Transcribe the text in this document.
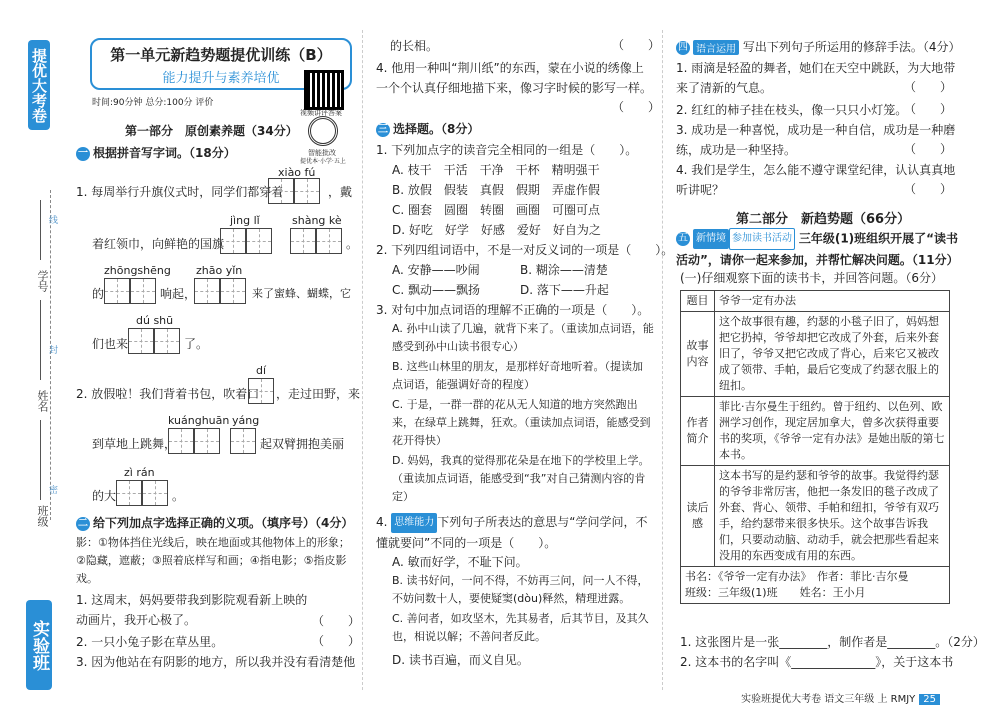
提优大考卷
学号
姓名
班级
线
封
密
实验班
第一单元新趋势题提优训练（B）
能力提升与素养培优
时间:90分钟 总分:100分 评价
视频讲评答案
智能批改
提优本·小学·五上
第一部分　原创素养题（34分）
一 根据拼音写字词。（18分）
xiào fú
1. 每周举行升旗仪式时，同学们都穿着	，戴
jìng lǐ	shàng kè
着红领巾，向鲜艳的国旗	。
zhōngshēng zhāo yǐn
的	响起，	来了蜜蜂、蝴蝶，它
dú shū
们也来	了。
dí
2. 放假啦！我们背着书包，吹着口 ，走过田野，来
kuánghuān yáng
到草地上跳舞，	起双臂拥抱美丽
zì rán
的大	。
二 给下列加点字选择正确的义项。（填序号）（4分）
影：①物体挡住光线后，映在地面或其他物体上的形象；②隐藏，遮蔽；③照着底样写和画；④指电影；⑤指皮影戏。
1. 这周末，妈妈要带我到影院观看新上映的动画片，我开心极了。	（　　）
2. 一只小兔子影在草丛里。	（　　）
3. 因为他站在有阴影的地方，所以我并没有看清楚他
的长相。	（　　）
4. 他用一种叫“荆川纸”的东西，蒙在小说的绣像上一个个认真仔细地描下来，像习字时候的影写一样。
（　　）
三 选择题。（8分）
1. 下列加点字的读音完全相同的一组是（　　）。
A. 枝干　干活　干净　干杯　精明强干
B. 放假　假装　真假　假期　弄虚作假
C. 圈套　圆圈　转圈　画圈　可圈可点
D. 好吃　好学　好感　爱好　好自为之
2. 下列四组词语中，不是一对反义词的一项是（　　）。
A. 安静——吵闹	B. 糊涂——清楚
C. 飘动——飘扬	D. 落下——升起
3. 对句中加点词语的理解不正确的一项是（　　）。
A. 孙中山读了几遍，就背下来了。（重读加点词语，能感受到孙中山读书很专心）
B. 这些山林里的朋友，是那样好奇地听着。（提读加点词语，能强调好奇的程度）
C. 于是，一群一群的花从无人知道的地方突然跑出来，在绿草上跳舞，狂欢。（重读加点词语，能感受到花开得快）
D. 妈妈，我真的觉得那花朵是在地下的学校里上学。（重读加点词语，能感受到“我”对自己猜测内容的肯定）
4. 思维能力 下列句子所表达的意思与“学问学问，不懂就要问”不同的一项是（　　）。
A. 敏而好学，不耻下问。
B. 读书好问，一问不得，不妨再三问，问一人不得，不妨问数十人，要使疑窦(dòu)释然，精理迸露。
C. 善问者，如攻坚木，先其易者，后其节目，及其久也，相说以解；不善问者反此。
D. 读书百遍，而义自见。
四 语言运用 写出下列句子所运用的修辞手法。（4分）
1. 雨滴是轻盈的舞者，她们在天空中跳跃，为大地带来了清新的气息。	（　　）
2. 红红的柿子挂在枝头，像一只只小灯笼。
（　　）
3. 成功是一种喜悦，成功是一种自信，成功是一种磨练，成功是一种坚持。	（　　）
4. 我们是学生，怎么能不遵守课堂纪律，认认真真地听讲呢？	（　　）
第二部分　新趋势题（66分）
五 新情境 参加读书活动 三年级(1)班组织开展了“读书活动”，请你一起来参加，并帮忙解决问题。（11分）
(一)仔细观察下面的读书卡，并回答问题。（6分）
题目	爷爷一定有办法
故事内容	这个故事很有趣，约瑟的小毯子旧了，妈妈想把它扔掉，爷爷却把它改成了外套，后来外套旧了，爷爷又把它改成了背心，后来它又被改成了领带、手帕，最后它变成了约瑟衣服上的纽扣。
作者简介	菲比·吉尔曼生于纽约。曾于纽约、以色列、欧洲学习创作，现定居加拿大，曾多次获得重要书的奖项，《爷爷一定有办法》是她出版的第七本书。
读后感	这本书写的是约瑟和爷爷的故事。我觉得约瑟的爷爷非常厉害，他把一条发旧的毯子改成了外套、背心、领带、手帕和纽扣，爷爷有双巧手，给约瑟带来很多快乐。这个故事告诉我们，只要动动脑、动动手，就会把那些看起来没用的东西变成有用的东西。

书名：《爷爷一定有办法》　 作者：菲比·吉尔曼
班级：三年级(1)班　　 姓名：王小月	
1. 这张图片是一张________，制作者是________。（2分）
2. 这本书的名字叫《______________》，关于这本书
实验班提优大考卷 语文三年级 上 RMJY 25
